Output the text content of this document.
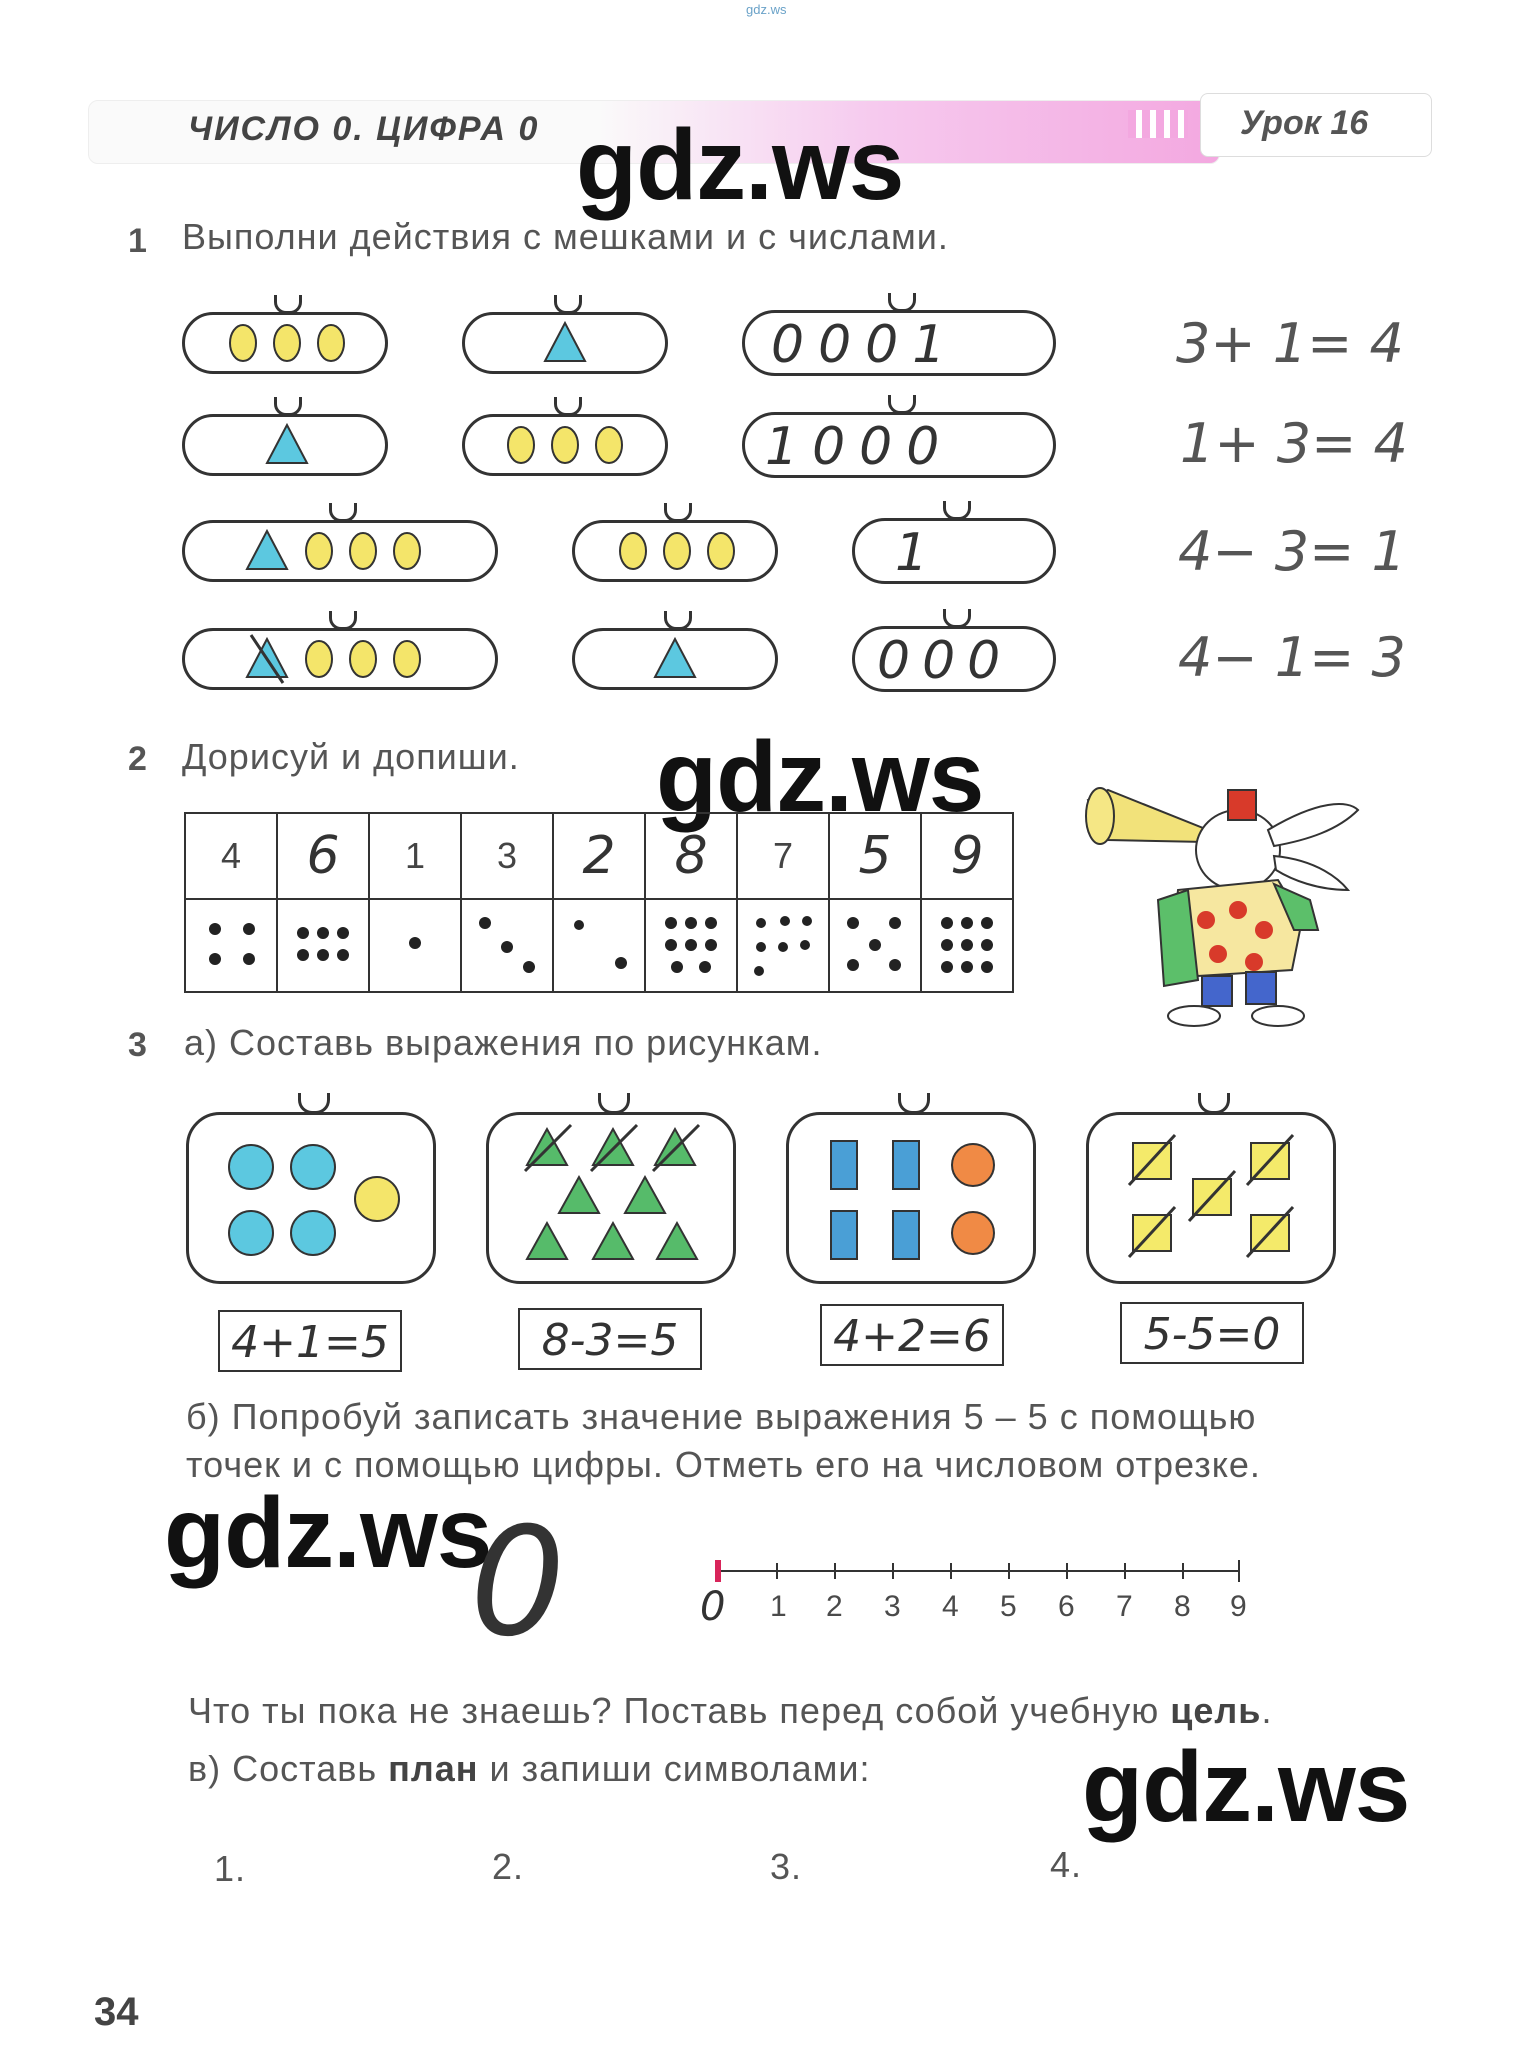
gdz.ws
ЧИСЛО 0. ЦИФРА 0	Урок 16
gdz.ws
gdz.ws
gdz.ws
gdz.ws
1 Выполни действия с мешками и с числами.
0001	3+ 1= 4
1000	1+ 3= 4
1	4− 3= 1
000	4− 1= 3
2 Дорисуй и допиши.
4	6	1	3	2	8	7	5	9

3 а) Составь выражения по рисункам.
4+1=5	8-3=5	4+2=6	5-5=0
б) Попробуй записать значение выражения 5 – 5 с помощью
точек и с помощью цифры. Отметь его на числовом отрезке.
0	0 1 2 3 4 5 6 7 8 9
Что ты пока не знаешь? Поставь перед собой учебную цель.
в) Составь план и запиши символами:
1.	2.	3.	4.
34
